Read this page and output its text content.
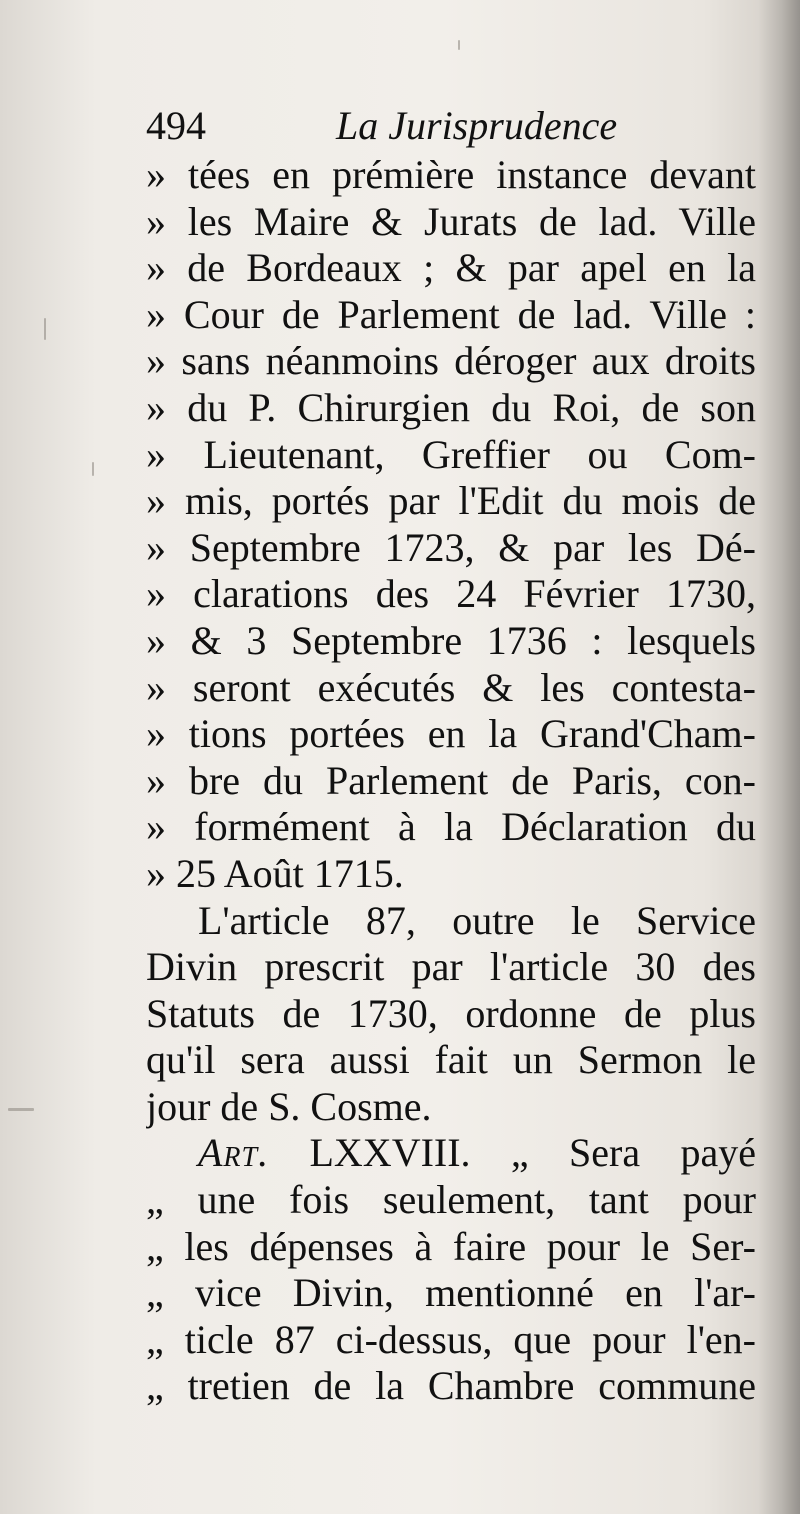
494	La Jurisprudence
» tées en prémière instance devant
» les Maire & Jurats de lad. Ville
» de Bordeaux ; & par apel en la
» Cour de Parlement de lad. Ville :
» sans néanmoins déroger aux droits
» du P. Chirurgien du Roi, de son
» Lieutenant, Greffier ou Com-
» mis, portés par l'Edit du mois de
» Septembre 1723, & par les Dé-
» clarations des 24 Février 1730,
» & 3 Septembre 1736 : lesquels
» seront exécutés & les contesta-
» tions portées en la Grand'Cham-
» bre du Parlement de Paris, con-
» formément à la Déclaration du
» 25 Août 1715.
L'article 87, outre le Service
Divin prescrit par l'article 30 des
Statuts de 1730, ordonne de plus
qu'il sera aussi fait un Sermon le
jour de S. Cosme.
Art. LXXVIII. „ Sera payé
„ une fois seulement, tant pour
„ les dépenses à faire pour le Ser-
„ vice Divin, mentionné en l'ar-
„ ticle 87 ci-dessus, que pour l'en-
„ tretien de la Chambre commune
